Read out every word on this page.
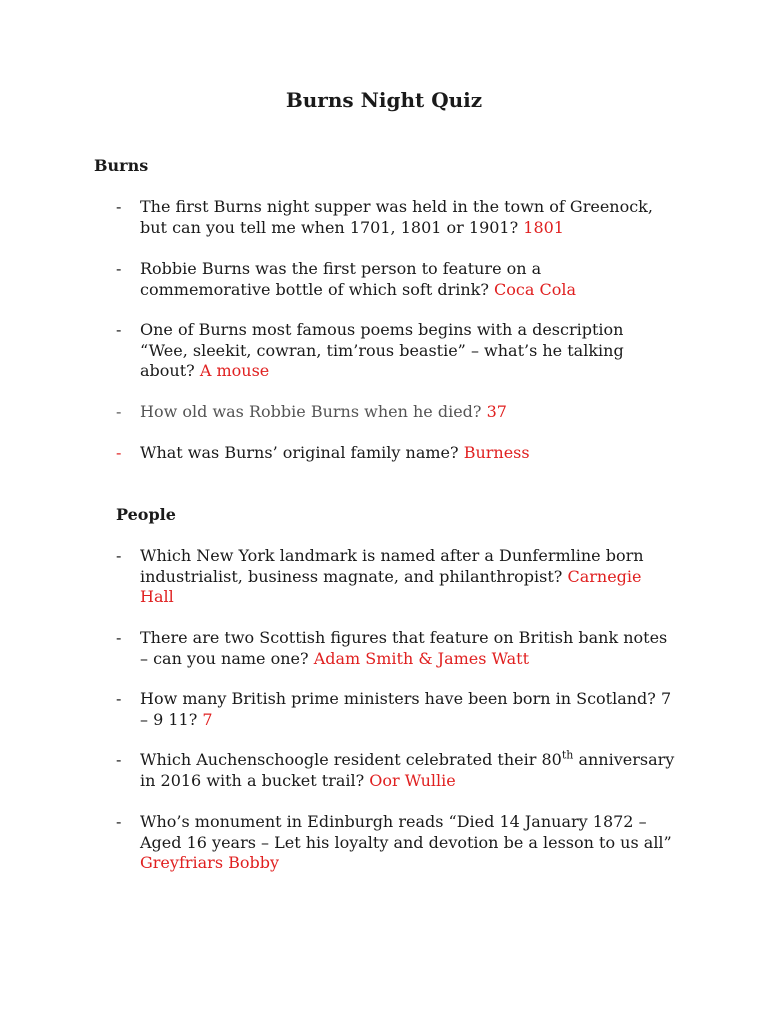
Burns Night Quiz
Burns
- The first Burns night supper was held in the town of Greenock, but can you tell me when 1701, 1801 or 1901? 1801
- Robbie Burns was the first person to feature on a commemorative bottle of which soft drink? Coca Cola
- One of Burns most famous poems begins with a description “Wee, sleekit, cowran, tim’rous beastie” – what’s he talking about? A mouse
- How old was Robbie Burns when he died? 37
- What was Burns’ original family name? Burness
People
- Which New York landmark is named after a Dunfermline born industrialist, business magnate, and philanthropist? Carnegie Hall
- There are two Scottish figures that feature on British bank notes – can you name one? Adam Smith & James Watt
- How many British prime ministers have been born in Scotland? 7 – 9 11? 7
- Which Auchenschoogle resident celebrated their 80th anniversary in 2016 with a bucket trail? Oor Wullie
- Who’s monument in Edinburgh reads “Died 14 January 1872 – Aged 16 years – Let his loyalty and devotion be a lesson to us all” Greyfriars Bobby
